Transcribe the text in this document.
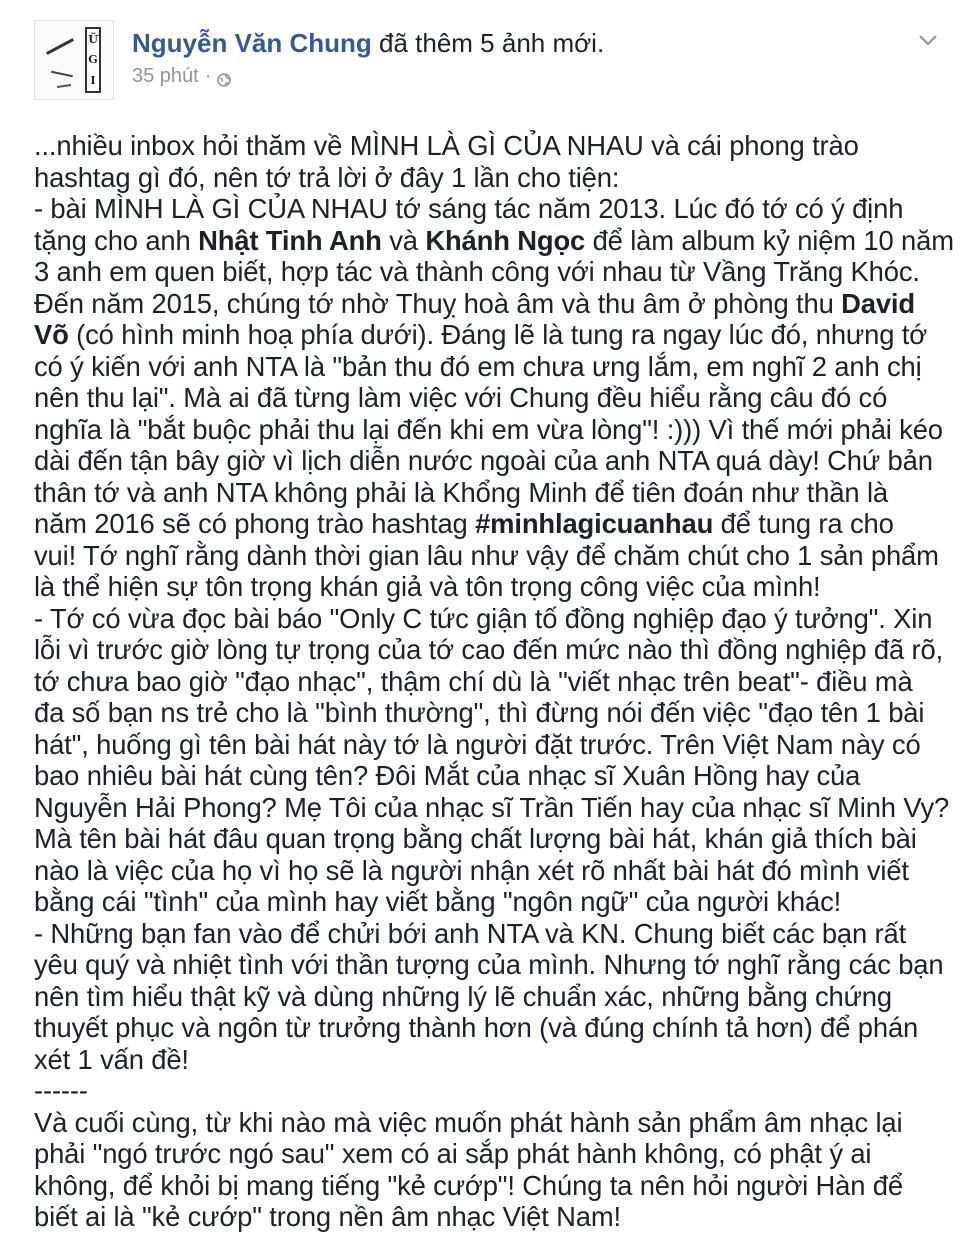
Ữ
G
I
Nguyễn Văn Chung đã thêm 5 ảnh mới.
35 phút ·
...nhiều inbox hỏi thăm về MÌNH LÀ GÌ CỦA NHAU và cái phong trào
hashtag gì đó, nên tớ trả lời ở đây 1 lần cho tiện:
- bài MÌNH LÀ GÌ CỦA NHAU tớ sáng tác năm 2013. Lúc đó tớ có ý định
tặng cho anh Nhật Tinh Anh và Khánh Ngọc để làm album kỷ niệm 10 năm
3 anh em quen biết, hợp tác và thành công với nhau từ Vầng Trăng Khóc.
Đến năm 2015, chúng tớ nhờ Thuỵ hoà âm và thu âm ở phòng thu David
Võ (có hình minh hoạ phía dưới). Đáng lẽ là tung ra ngay lúc đó, nhưng tớ
có ý kiến với anh NTA là "bản thu đó em chưa ưng lắm, em nghĩ 2 anh chị
nên thu lại". Mà ai đã từng làm việc với Chung đều hiểu rằng câu đó có
nghĩa là "bắt buộc phải thu lại đến khi em vừa lòng"! :))) Vì thế mới phải kéo
dài đến tận bây giờ vì lịch diễn nước ngoài của anh NTA quá dày! Chứ bản
thân tớ và anh NTA không phải là Khổng Minh để tiên đoán như thần là
năm 2016 sẽ có phong trào hashtag #minhlagicuanhau để tung ra cho
vui! Tớ nghĩ rằng dành thời gian lâu như vậy để chăm chút cho 1 sản phẩm
là thể hiện sự tôn trọng khán giả và tôn trọng công việc của mình!
- Tớ có vừa đọc bài báo "Only C tức giận tố đồng nghiệp đạo ý tưởng". Xin
lỗi vì trước giờ lòng tự trọng của tớ cao đến mức nào thì đồng nghiệp đã rõ,
tớ chưa bao giờ "đạo nhạc", thậm chí dù là "viết nhạc trên beat"- điều mà
đa số bạn ns trẻ cho là "bình thường", thì đừng nói đến việc "đạo tên 1 bài
hát", huống gì tên bài hát này tớ là người đặt trước. Trên Việt Nam này có
bao nhiêu bài hát cùng tên? Đôi Mắt của nhạc sĩ Xuân Hồng hay của
Nguyễn Hải Phong? Mẹ Tôi của nhạc sĩ Trần Tiến hay của nhạc sĩ Minh Vy?
Mà tên bài hát đâu quan trọng bằng chất lượng bài hát, khán giả thích bài
nào là việc của họ vì họ sẽ là người nhận xét rõ nhất bài hát đó mình viết
bằng cái "tình" của mình hay viết bằng "ngôn ngữ" của người khác!
- Những bạn fan vào để chửi bới anh NTA và KN. Chung biết các bạn rất
yêu quý và nhiệt tình với thần tượng của mình. Nhưng tớ nghĩ rằng các bạn
nên tìm hiểu thật kỹ và dùng những lý lẽ chuẩn xác, những bằng chứng
thuyết phục và ngôn từ trưởng thành hơn (và đúng chính tả hơn) để phán
xét 1 vấn đề!
------
Và cuối cùng, từ khi nào mà việc muốn phát hành sản phẩm âm nhạc lại
phải "ngó trước ngó sau" xem có ai sắp phát hành không, có phật ý ai
không, để khỏi bị mang tiếng "kẻ cướp"! Chúng ta nên hỏi người Hàn để
biết ai là "kẻ cướp" trong nền âm nhạc Việt Nam!
